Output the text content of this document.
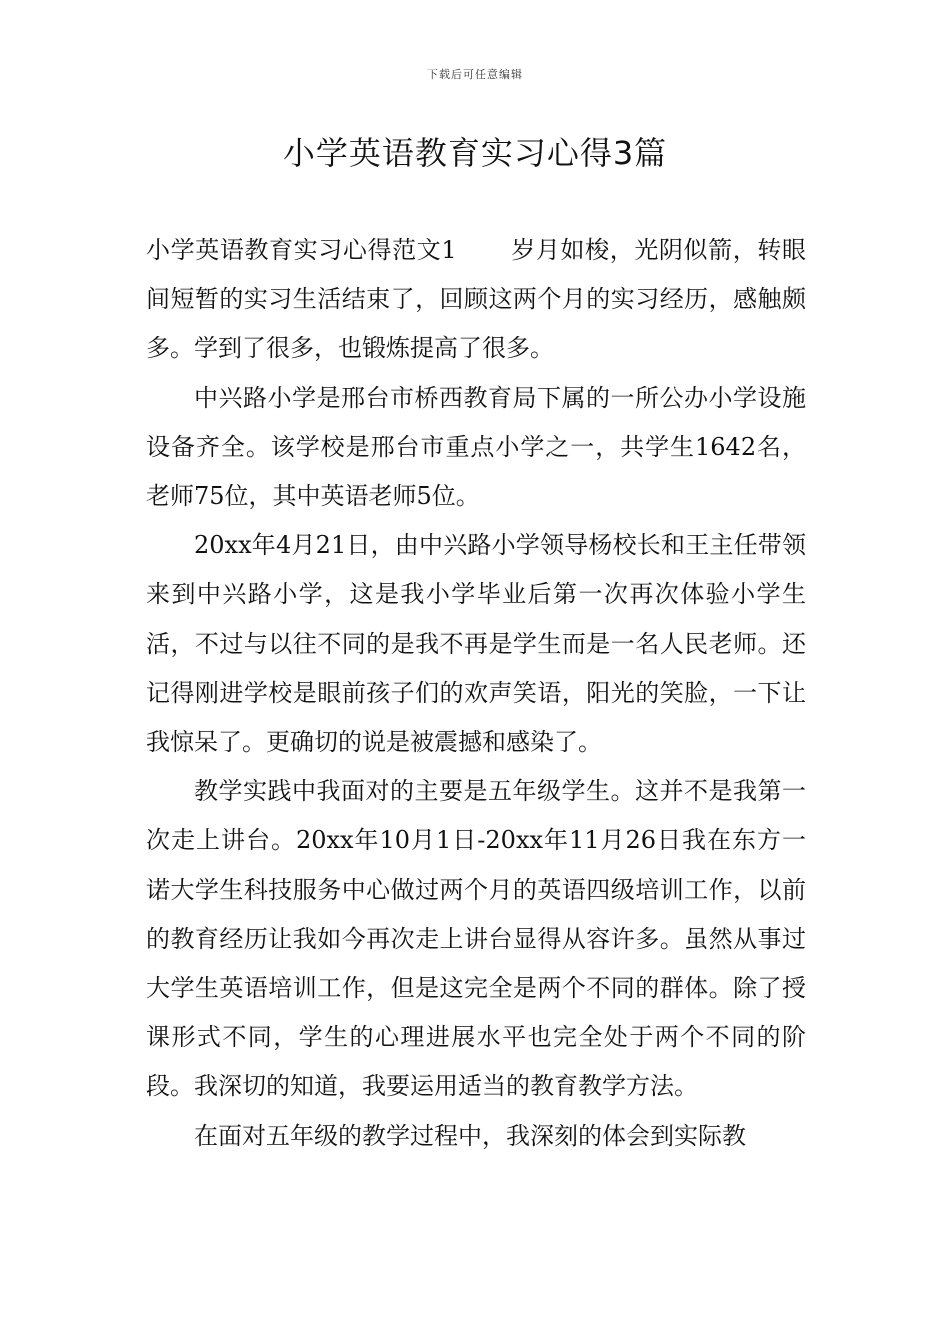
下载后可任意编辑
小学英语教育实习心得3篇

小学英语教育实习心得范文1 岁月如梭，光阴似箭，转眼间短暂的实习生活结束了，回顾这两个月的实习经历，感触颇多。学到了很多，也锻炼提高了很多。

中兴路小学是邢台市桥西教育局下属的一所公办小学设施设备齐全。该学校是邢台市重点小学之一，共学生1642名，老师75位，其中英语老师5位。

20xx年4月21日，由中兴路小学领导杨校长和王主任带领来到中兴路小学，这是我小学毕业后第一次再次体验小学生活，不过与以往不同的是我不再是学生而是一名人民老师。还记得刚进学校是眼前孩子们的欢声笑语，阳光的笑脸，一下让我惊呆了。更确切的说是被震撼和感染了。

教学实践中我面对的主要是五年级学生。这并不是我第一次走上讲台。20xx年10月1日-20xx年11月26日我在东方一诺大学生科技服务中心做过两个月的英语四级培训工作，以前的教育经历让我如今再次走上讲台显得从容许多。虽然从事过大学生英语培训工作，但是这完全是两个不同的群体。除了授课形式不同，学生的心理进展水平也完全处于两个不同的阶段。我深切的知道，我要运用适当的教育教学方法。

在面对五年级的教学过程中，我深刻的体会到实际教
